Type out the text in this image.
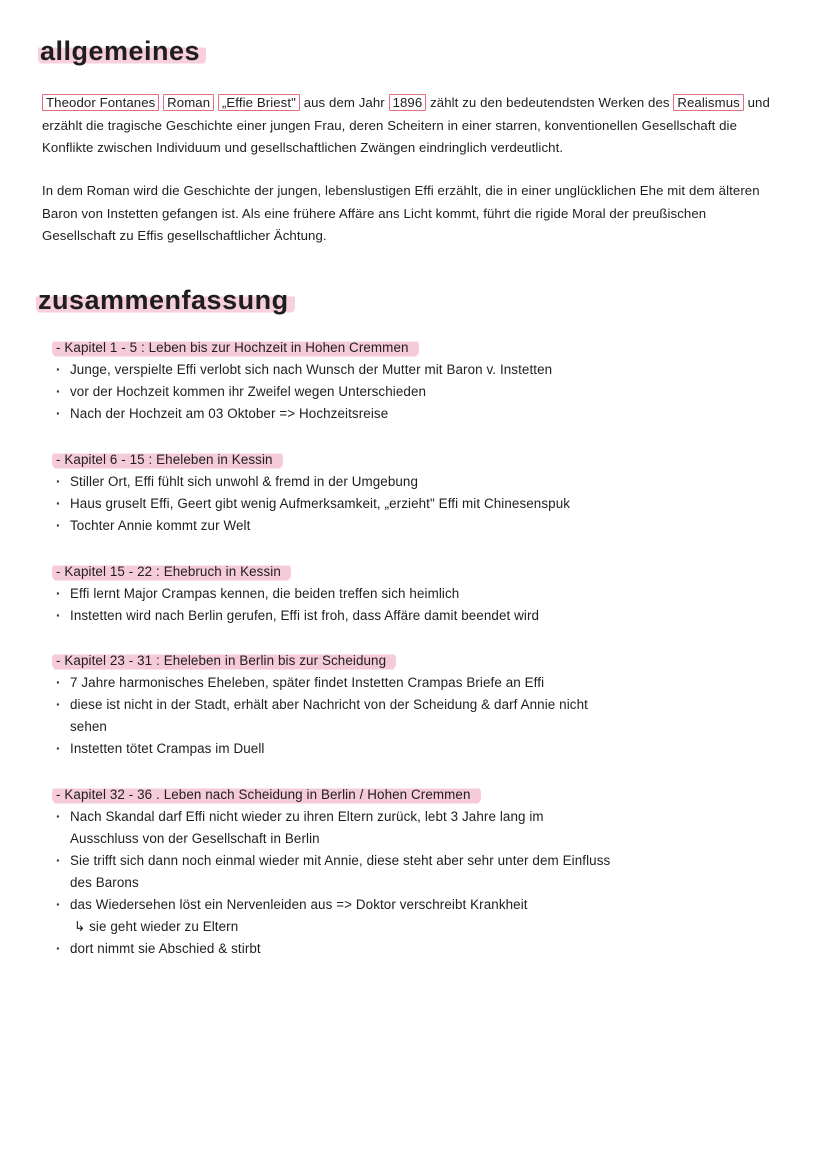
allgemeines

Theodor Fontanes Roman „Effie Briest" aus dem Jahr 1896 zählt zu den bedeutendsten Werken des Realismus und erzählt die tragische Geschichte einer jungen Frau, deren Scheitern in einer starren, konventionellen Gesellschaft die Konflikte zwischen Individuum und gesellschaftlichen Zwängen eindringlich verdeutlicht.

In dem Roman wird die Geschichte der jungen, lebenslustigen Effi erzählt, die in einer unglücklichen Ehe mit dem älteren Baron von Instetten gefangen ist. Als eine frühere Affäre ans Licht kommt, führt die rigide Moral der preußischen Gesellschaft zu Effis gesellschaftlicher Ächtung.

zusammenfassung
- Kapitel 1 - 5 : Leben bis zur Hochzeit in Hohen Cremmen
· Junge, verspielte Effi verlobt sich nach Wunsch der Mutter mit Baron v. Instetten
· vor der Hochzeit kommen ihr Zweifel wegen Unterschieden
· Nach der Hochzeit am 03 Oktober => Hochzeitsreise
- Kapitel 6 - 15 : Eheleben in Kessin
· Stiller Ort, Effi fühlt sich unwohl & fremd in der Umgebung
· Haus gruselt Effi, Geert gibt wenig Aufmerksamkeit, „erzieht" Effi mit Chinesenspuk
· Tochter Annie kommt zur Welt
- Kapitel 15 - 22 : Ehebruch in Kessin
· Effi lernt Major Crampas kennen, die beiden treffen sich heimlich
· Instetten wird nach Berlin gerufen, Effi ist froh, dass Affäre damit beendet wird
- Kapitel 23 - 31 : Eheleben in Berlin bis zur Scheidung
· 7 Jahre harmonisches Eheleben, später findet Instetten Crampas Briefe an Effi
· diese ist nicht in der Stadt, erhält aber Nachricht von der Scheidung & darf Annie nicht sehen
· Instetten tötet Crampas im Duell
- Kapitel 32 - 36 . Leben nach Scheidung in Berlin / Hohen Cremmen
· Nach Skandal darf Effi nicht wieder zu ihren Eltern zurück, lebt 3 Jahre lang im Ausschluss von der Gesellschaft in Berlin
· Sie trifft sich dann noch einmal wieder mit Annie, diese steht aber sehr unter dem Einfluss des Barons
· das Wiedersehen löst ein Nervenleiden aus => Doktor verschreibt Krankheit
↳ sie geht wieder zu Eltern
· dort nimmt sie Abschied & stirbt
